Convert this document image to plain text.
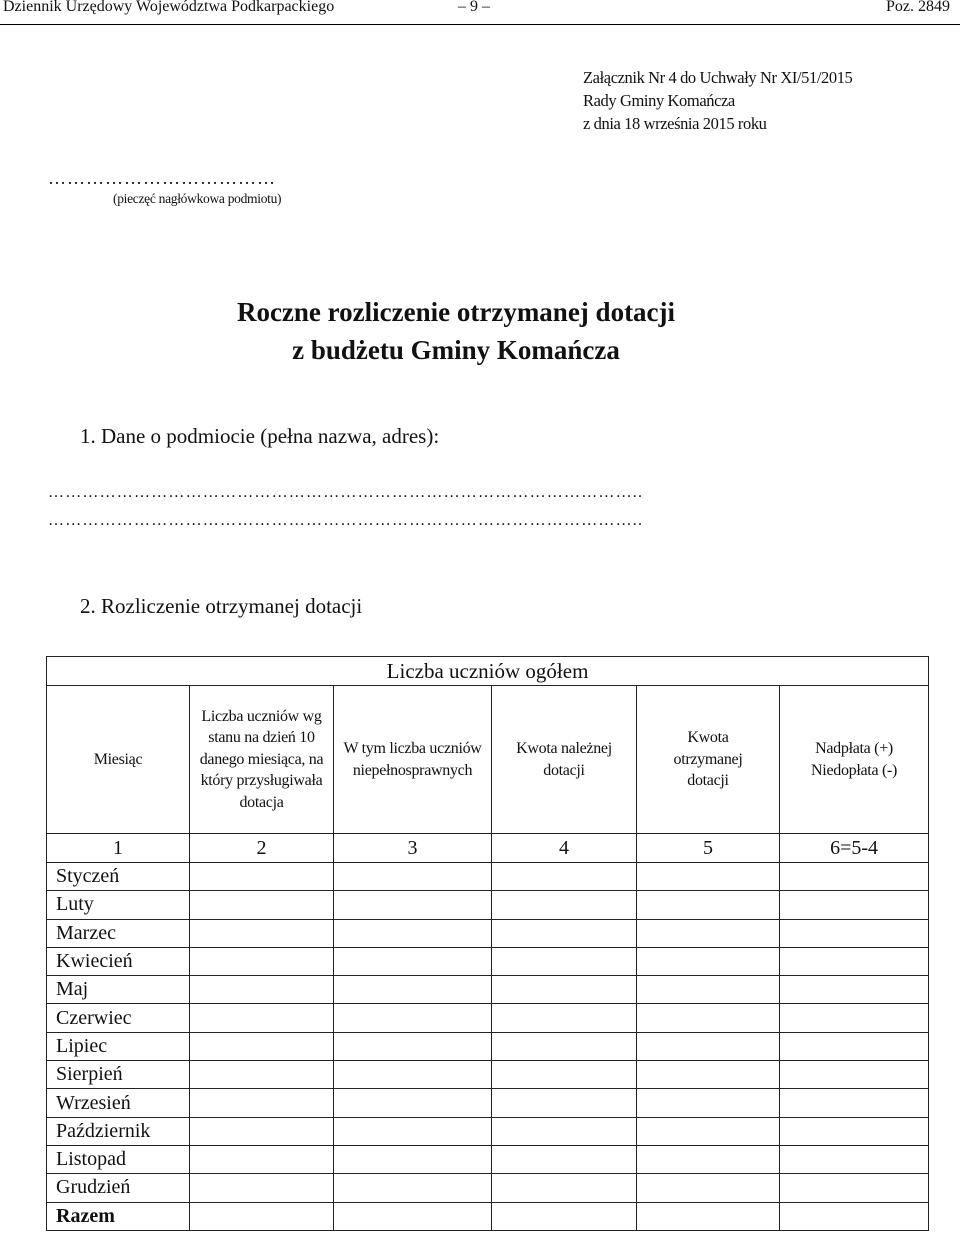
Dziennik Urzędowy Województwa Podkarpackiego	– 9 –	Poz. 2849
Załącznik Nr 4 do Uchwały Nr XI/51/2015
Rady Gminy Komańcza
z dnia 18 września 2015 roku
………………………………
(pieczęć nagłówkowa podmiotu)
Roczne rozliczenie otrzymanej dotacji
z budżetu Gminy Komańcza
1. Dane o podmiocie (pełna nazwa, adres):
…………………………………………………………………………………………..
…………………………………………………………………………………………..
2. Rozliczenie otrzymanej dotacji
Liczba uczniów ogółem					
Miesiąc	Liczba uczniów wg stanu na dzień 10 danego miesiąca, na który przysługiwała dotacja	W tym liczba uczniów niepełnosprawnych	Kwota należnej dotacji	Kwota otrzymanej dotacji	Nadpłata (+) Niedopłata (-)
1	2	3	4	5	6=5-4
Styczeń					
Luty					
Marzec					
Kwiecień					
Maj					
Czerwiec					
Lipiec					
Sierpień					
Wrzesień					
Październik					
Listopad					
Grudzień					
Razem					
